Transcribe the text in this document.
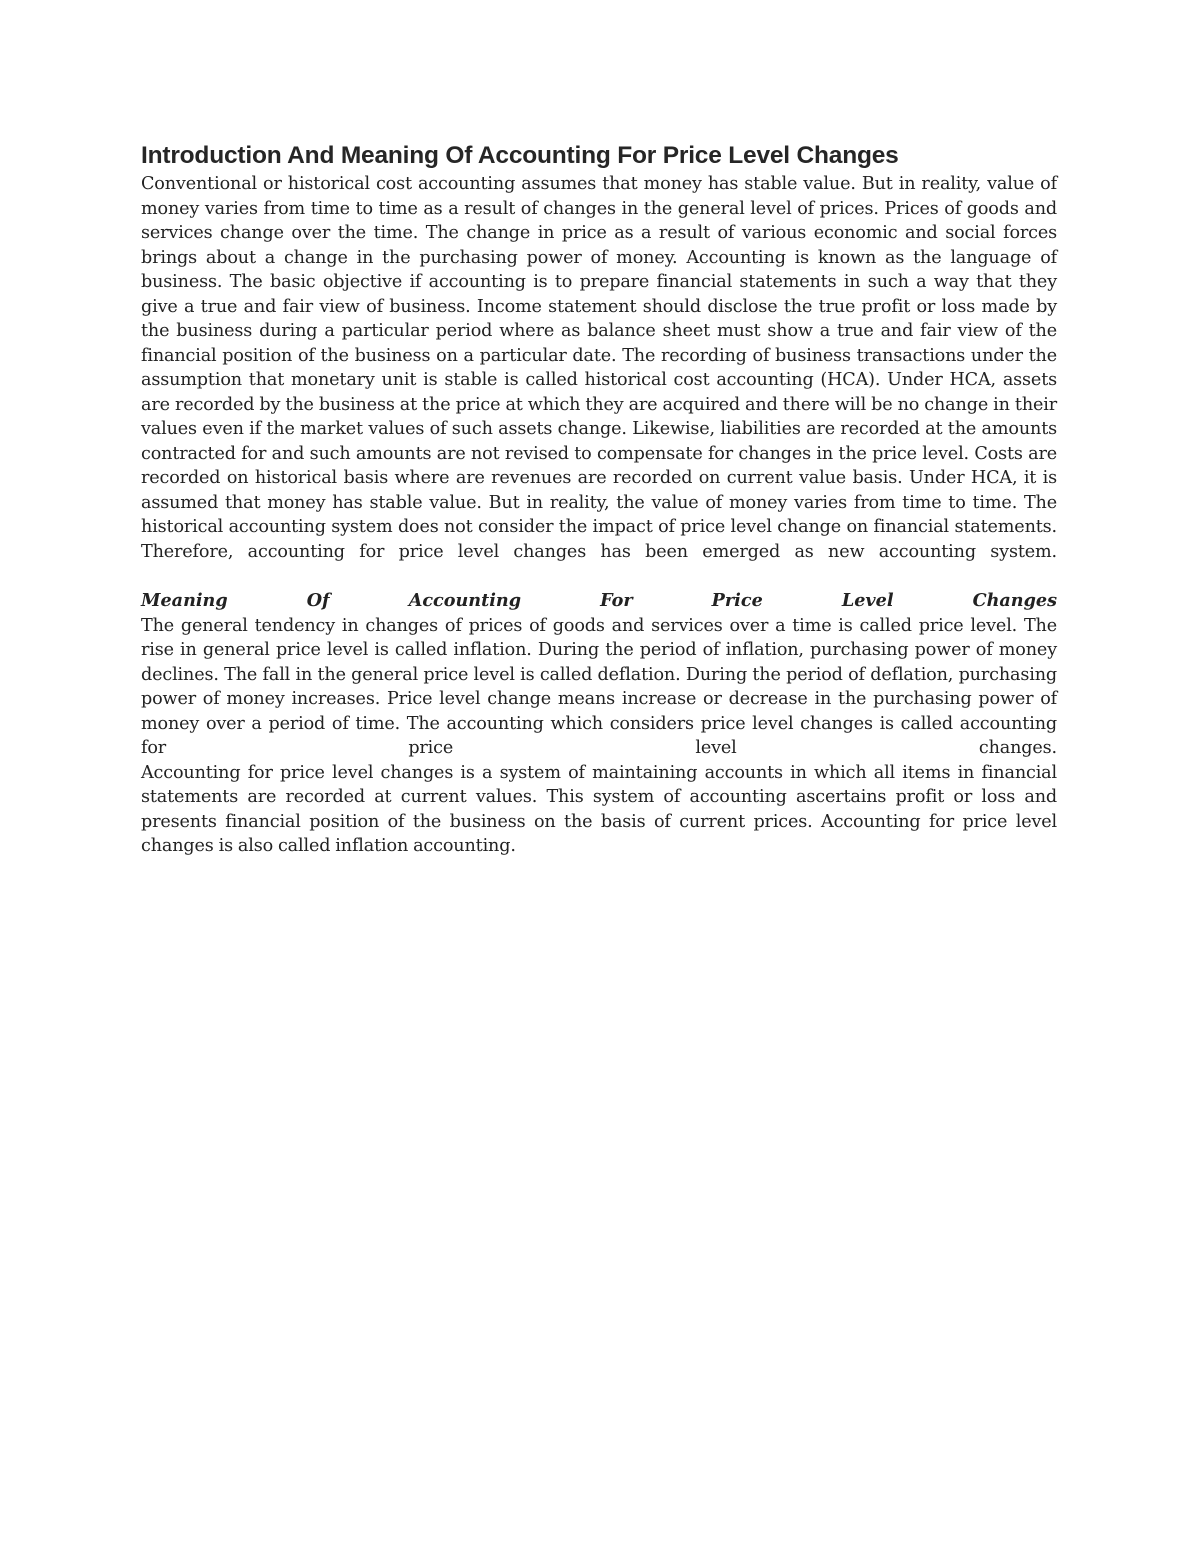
Introduction And Meaning Of Accounting For Price Level Changes

Conventional or historical cost accounting assumes that money has stable value. But in reality, value of money varies from time to time as a result of changes in the general level of prices. Prices of goods and services change over the time. The change in price as a result of various economic and social forces brings about a change in the purchasing power of money. Accounting is known as the language of business. The basic objective if accounting is to prepare financial statements in such a way that they give a true and fair view of business. Income statement should disclose the true profit or loss made by the business during a particular period where as balance sheet must show a true and fair view of the financial position of the business on a particular date. The recording of business transactions under the assumption that monetary unit is stable is called historical cost accounting (HCA). Under HCA, assets are recorded by the business at the price at which they are acquired and there will be no change in their values even if the market values of such assets change. Likewise, liabilities are recorded at the amounts contracted for and such amounts are not revised to compensate for changes in the price level. Costs are recorded on historical basis where are revenues are recorded on current value basis. Under HCA, it is assumed that money has stable value. But in reality, the value of money varies from time to time. The historical accounting system does not consider the impact of price level change on financial statements. Therefore, accounting for price level changes has been emerged as new accounting system.

Meaning Of Accounting For Price Level Changes

The general tendency in changes of prices of goods and services over a time is called price level. The rise in general price level is called inflation. During the period of inflation, purchasing power of money declines. The fall in the general price level is called deflation. During the period of deflation, purchasing power of money increases. Price level change means increase or decrease in the purchasing power of money over a period of time. The accounting which considers price level changes is called accounting for price level changes.

Accounting for price level changes is a system of maintaining accounts in which all items in financial statements are recorded at current values. This system of accounting ascertains profit or loss and presents financial position of the business on the basis of current prices. Accounting for price level changes is also called inflation accounting.
